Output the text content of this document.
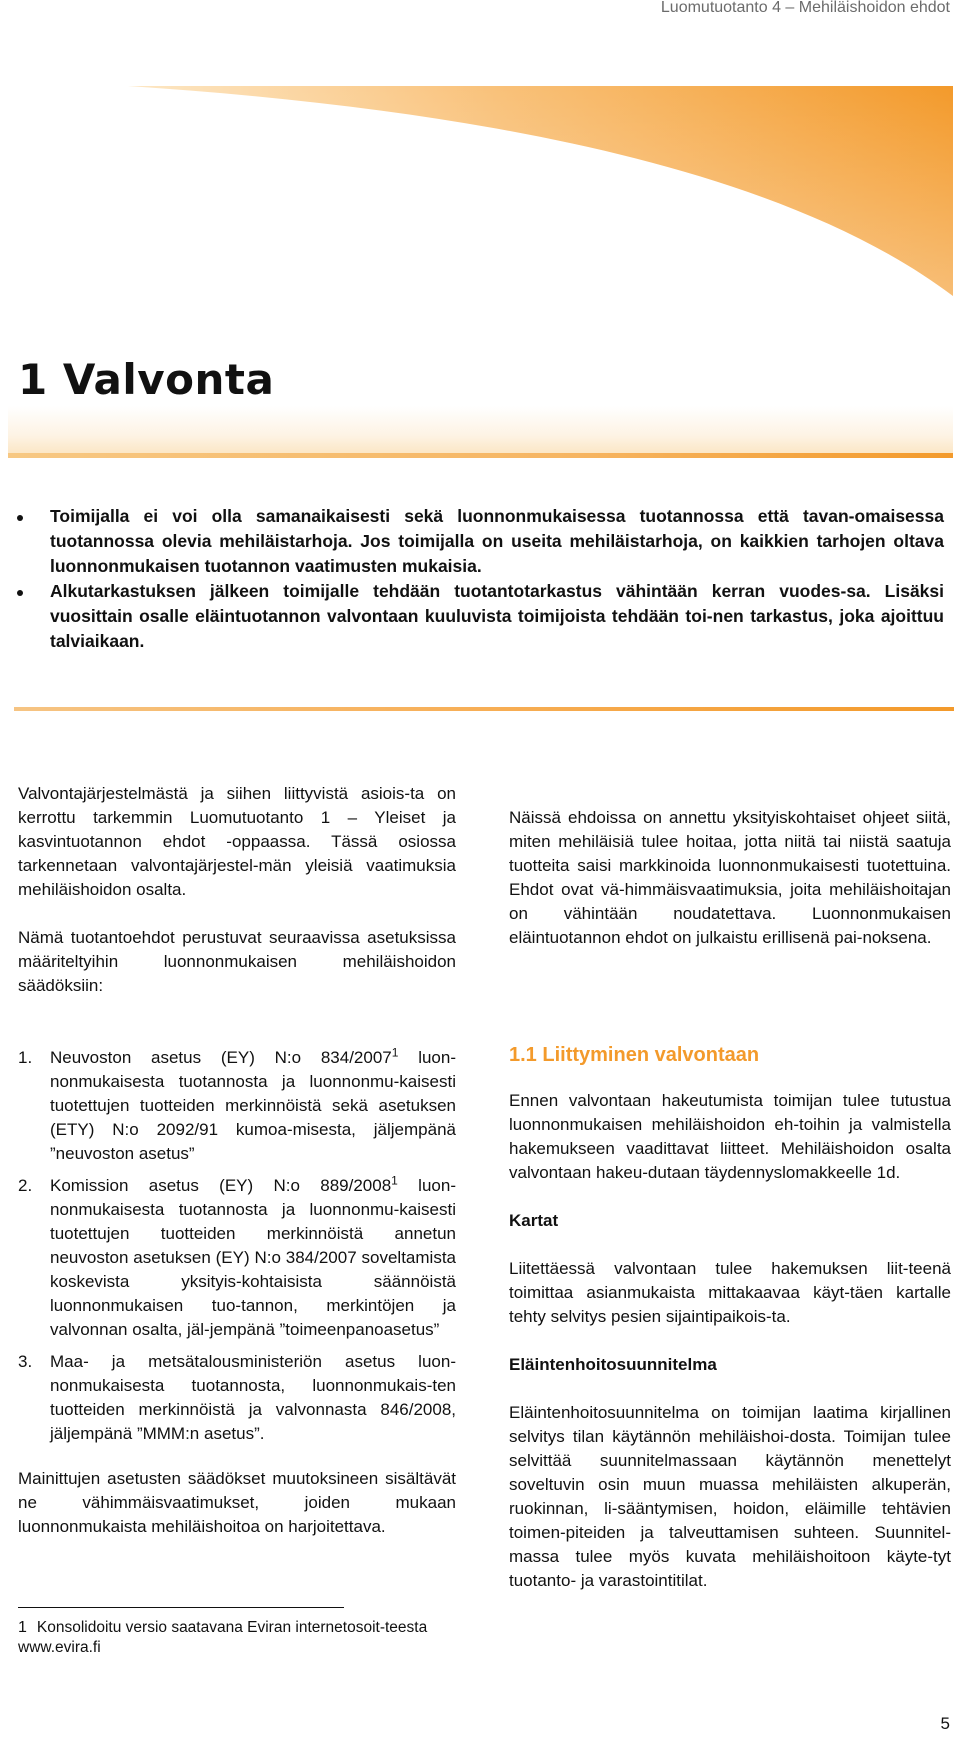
Luomutuotanto 4 – Mehiläishoidon ehdot
1 Valvonta
Toimijalla ei voi olla samanaikaisesti sekä luonnonmukaisessa tuotannossa että tavan-omaisessa tuotannossa olevia mehiläistarhoja. Jos toimijalla on useita mehiläistarhoja, on kaikkien tarhojen oltava luonnonmukaisen tuotannon vaatimusten mukaisia.
Alkutarkastuksen jälkeen toimijalle tehdään tuotantotarkastus vähintään kerran vuodes-sa. Lisäksi vuosittain osalle eläintuotannon valvontaan kuuluvista toimijoista tehdään toi-nen tarkastus, joka ajoittuu talviaikaan.

Valvontajärjestelmästä ja siihen liittyvistä asiois-ta on kerrottu tarkemmin Luomutuotanto 1 – Yleiset ja kasvintuotannon ehdot -oppaassa. Tässä osiossa tarkennetaan valvontajärjestel-män yleisiä vaatimuksia mehiläishoidon osalta.

Nämä tuotantoehdot perustuvat seuraavissa asetuksissa määriteltyihin luonnonmukaisen mehiläishoidon säädöksiin:

Näissä ehdoissa on annettu yksityiskohtaiset ohjeet siitä, miten mehiläisiä tulee hoitaa, jotta niitä tai niistä saatuja tuotteita saisi markkinoida luonnonmukaisesti tuotettuina. Ehdot ovat vä-himmäisvaatimuksia, joita mehiläishoitajan on vähintään noudatettava. Luonnonmukaisen eläintuotannon ehdot on julkaistu erillisenä pai-noksena.

1. Neuvoston asetus (EY) N:o 834/2007$^1$ luon-nonmukaisesta tuotannosta ja luonnonmu-kaisesti tuotettujen tuotteiden merkinnöistä sekä asetuksen (ETY) N:o 2092/91 kumoa-misesta, jäljempänä ”neuvoston asetus”
2. Komission asetus (EY) N:o 889/2008$^1$ luon-nonmukaisesta tuotannosta ja luonnonmu-kaisesti tuotettujen tuotteiden merkinnöistä annetun neuvoston asetuksen (EY) N:o 384/2007 soveltamista koskevista yksityis-kohtaisista säännöistä luonnonmukaisen tuo-tannon, merkintöjen ja valvonnan osalta, jäl-jempänä ”toimeenpanoasetus”
3. Maa- ja metsätalousministeriön asetus luon-nonmukaisesta tuotannosta, luonnonmukais-ten tuotteiden merkinnöistä ja valvonnasta 846/2008, jäljempänä ”MMM:n asetus”.

Mainittujen asetusten säädökset muutoksineen sisältävät ne vähimmäisvaatimukset, joiden mukaan luonnonmukaista mehiläishoitoa on harjoitettava.

1.1 Liittyminen valvontaan

Ennen valvontaan hakeutumista toimijan tulee tutustua luonnonmukaisen mehiläishoidon eh-toihin ja valmistella hakemukseen vaadittavat liitteet. Mehiläishoidon osalta valvontaan hakeu-dutaan täydennyslomakkeelle 1d.

Kartat

Liitettäessä valvontaan tulee hakemuksen liit-teenä toimittaa asianmukaista mittakaavaa käyt-täen kartalle tehty selvitys pesien sijaintipaikois-ta.

Eläintenhoitosuunnitelma

Eläintenhoitosuunnitelma on toimijan laatima kirjallinen selvitys tilan käytännön mehiläishoi-dosta. Toimijan tulee selvittää suunnitelmassaan käytännön menettelyt soveltuvin osin muun muassa mehiläisten alkuperän, ruokinnan, li-sääntymisen, hoidon, eläimille tehtävien toimen-piteiden ja talveuttamisen suhteen. Suunnitel-massa tulee myös kuvata mehiläishoitoon käyte-tyt tuotanto- ja varastointitilat.

1 Konsolidoitu versio saatavana Eviran internetosoit-teesta www.evira.fi
5
